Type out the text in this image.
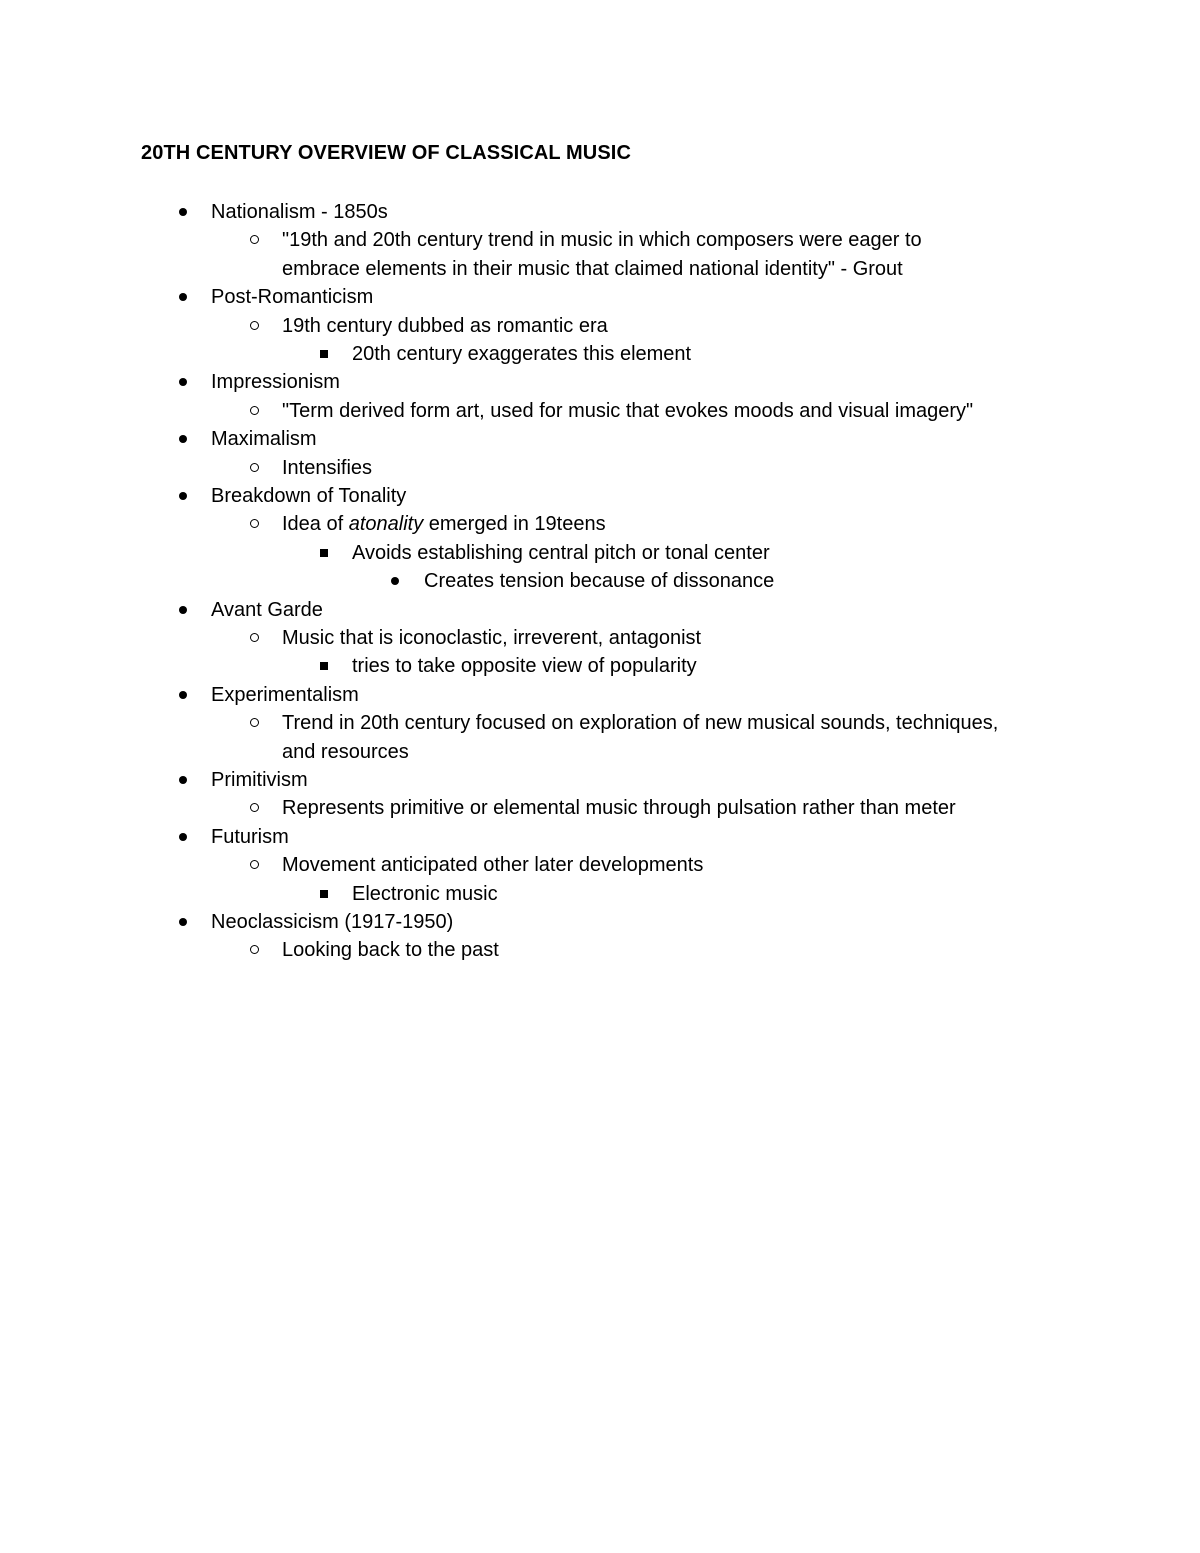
20TH CENTURY OVERVIEW OF CLASSICAL MUSIC
Nationalism - 1850s
"19th and 20th century trend in music in which composers were eager to
embrace elements in their music that claimed national identity" - Grout
Post-Romanticism
19th century dubbed as romantic era
20th century exaggerates this element
Impressionism
"Term derived form art, used for music that evokes moods and visual imagery"
Maximalism
Intensifies
Breakdown of Tonality
Idea of atonality emerged in 19teens
Avoids establishing central pitch or tonal center
Creates tension because of dissonance
Avant Garde
Music that is iconoclastic, irreverent, antagonist
tries to take opposite view of popularity
Experimentalism
Trend in 20th century focused on exploration of new musical sounds, techniques,
and resources
Primitivism
Represents primitive or elemental music through pulsation rather than meter
Futurism
Movement anticipated other later developments
Electronic music
Neoclassicism (1917-1950)
Looking back to the past
